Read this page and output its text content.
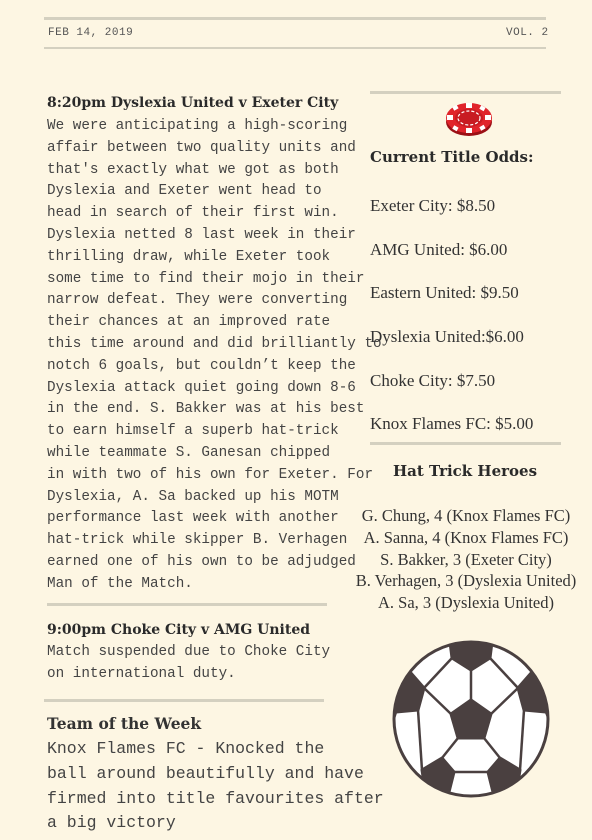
FEB 14, 2019	VOL. 2
8:20pm Dyslexia United v Exeter City
We were anticipating a high-scoring
affair between two quality units and
that's exactly what we got as both
Dyslexia and Exeter went head to
head in search of their first win.
Dyslexia netted 8 last week in their
thrilling draw, while Exeter took
some time to find their mojo in their
narrow defeat. They were converting
their chances at an improved rate
this time around and did brilliantly to
notch 6 goals, but couldn’t keep the
Dyslexia attack quiet going down 8-6
in the end. S. Bakker was at his best
to earn himself a superb hat-trick
while teammate S. Ganesan chipped
in with two of his own for Exeter. For
Dyslexia, A. Sa backed up his MOTM
performance last week with another
hat-trick while skipper B. Verhagen
earned one of his own to be adjudged
Man of the Match.
9:00pm Choke City v AMG United
Match suspended due to Choke City
on international duty.
Team of the Week
Knox Flames FC - Knocked the
ball around beautifully and have
firmed into title favourites after
a big victory
Current Title Odds:
Exeter City: $8.50
AMG United: $6.00
Eastern United: $9.50
Dyslexia United:$6.00
Choke City: $7.50
Knox Flames FC: $5.00
Hat Trick Heroes
G. Chung, 4 (Knox Flames FC)
A. Sanna, 4 (Knox Flames FC)
S. Bakker, 3 (Exeter City)
B. Verhagen, 3 (Dyslexia United)
A. Sa, 3 (Dyslexia United)
